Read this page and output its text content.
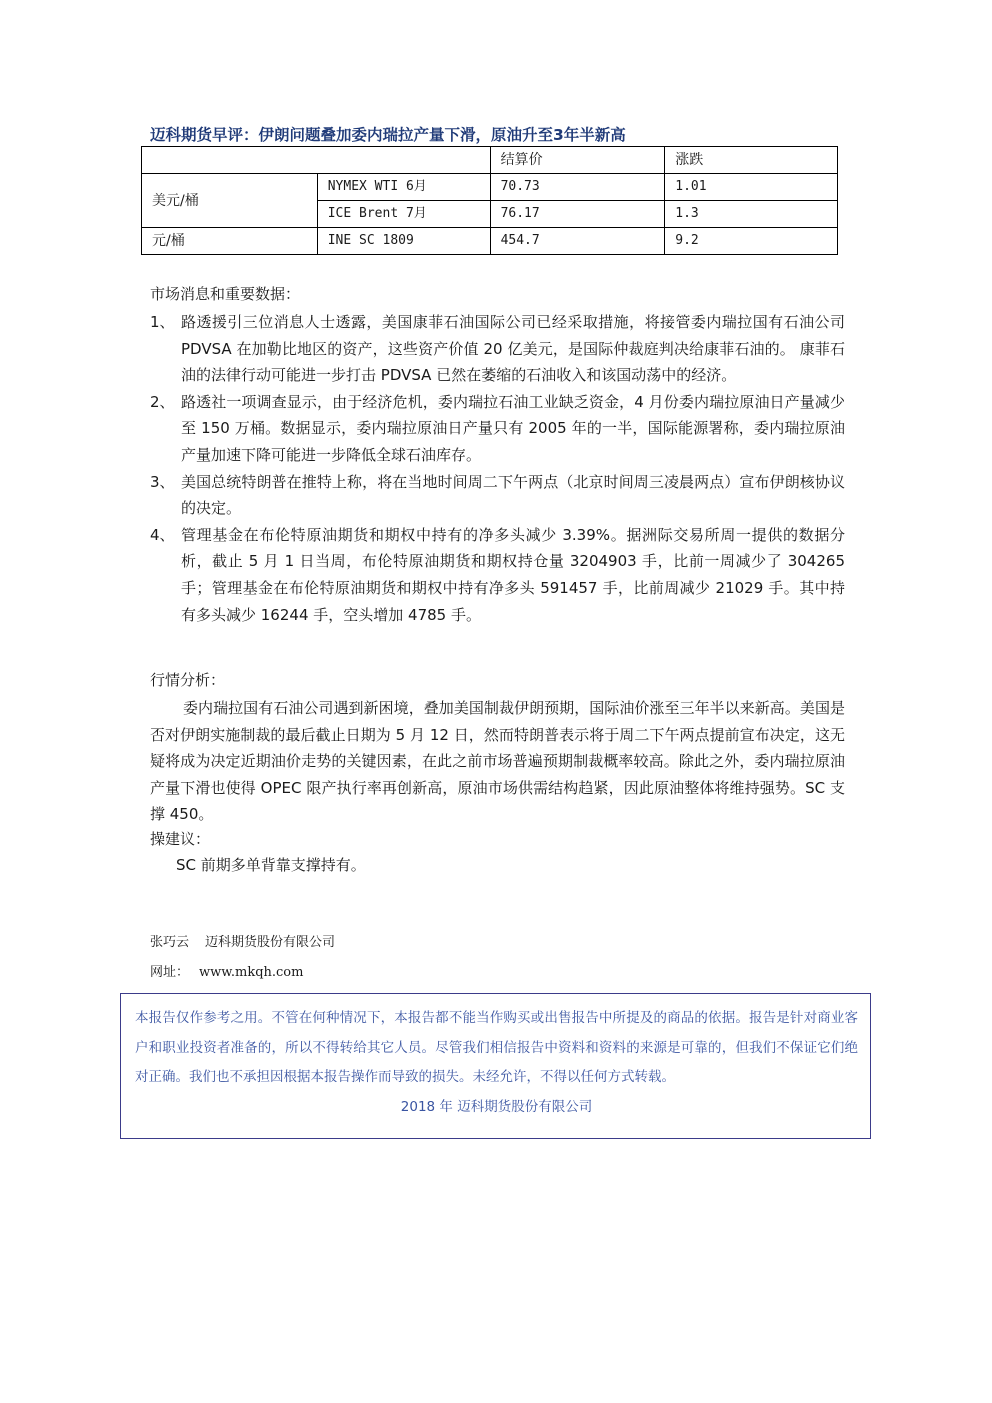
迈科期货早评：伊朗问题叠加委内瑞拉产量下滑，原油升至3年半新高
		结算价	涨跌
美元/桶	NYMEX WTI 6月	70.73	1.01
	ICE Brent 7月	76.17	1.3
元/桶	INE SC 1809	454.7	9.2
市场消息和重要数据：
1、 路透援引三位消息人士透露，美国康菲石油国际公司已经采取措施，将接管委内瑞拉国有石油公司 PDVSA 在加勒比地区的资产，这些资产价值 20 亿美元，是国际仲裁庭判决给康菲石油的。 康菲石油的法律行动可能进一步打击 PDVSA 已然在萎缩的石油收入和该国动荡中的经济。
2、 路透社一项调查显示，由于经济危机，委内瑞拉石油工业缺乏资金，4 月份委内瑞拉原油日产量减少至 150 万桶。数据显示，委内瑞拉原油日产量只有 2005 年的一半，国际能源署称，委内瑞拉原油产量加速下降可能进一步降低全球石油库存。
3、 美国总统特朗普在推特上称，将在当地时间周二下午两点（北京时间周三凌晨两点）宣布伊朗核协议的决定。
4、 管理基金在布伦特原油期货和期权中持有的净多头减少 3.39%。据洲际交易所周一提供的数据分析，截止 5 月 1 日当周，布伦特原油期货和期权持仓量 3204903 手，比前一周减少了 304265 手；管理基金在布伦特原油期货和期权中持有净多头 591457 手，比前周减少 21029 手。其中持有多头减少 16244 手，空头增加 4785 手。
行情分析：
委内瑞拉国有石油公司遇到新困境，叠加美国制裁伊朗预期，国际油价涨至三年半以来新高。美国是否对伊朗实施制裁的最后截止日期为 5 月 12 日，然而特朗普表示将于周二下午两点提前宣布决定，这无疑将成为决定近期油价走势的关键因素，在此之前市场普遍预期制裁概率较高。除此之外，委内瑞拉原油产量下滑也使得 OPEC 限产执行率再创新高，原油市场供需结构趋紧，因此原油整体将维持强势。SC 支撑 450。
操建议：
SC 前期多单背靠支撑持有。
张巧云 迈科期货股份有限公司
网址： www.mkqh.com
本报告仅作参考之用。不管在何种情况下，本报告都不能当作购买或出售报告中所提及的商品的依据。报告是针对商业客户和职业投资者准备的，所以不得转给其它人员。尽管我们相信报告中资料和资料的来源是可靠的，但我们不保证它们绝对正确。我们也不承担因根据本报告操作而导致的损失。未经允许，不得以任何方式转载。
2018 年 迈科期货股份有限公司
